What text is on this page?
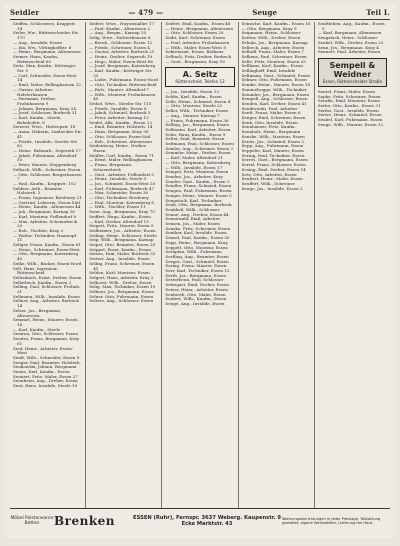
Seidler	— 479 —	Seuge	Teil I.
Seiffen, Schlosserei, Kruppstr. 14
Seiler, Ww., Rüttenscheider Str. 170
— Aug., Invalide, Essen
— Ida, Ww., Vittinghoffstr. 8
— Heinr., Bergmann, Altenessen
Seimer, Hans, Kaufm., Rüttenscheid 60
Seitz, Max, Kaufm., Kettwiger Str. 5
— Carl, Schneider, Essen-West 14
— Emil, Maler, Rellinghausen 12
— Gustav, Arbeiter, Holsterhausen
— Hermann, Dreher, Frohnhausen 9
— Johann, Bergmann, Kray 24
— Josef, Schlosser, Borbeck 31
— Karl, Kaufm., Steele, Bahnhofstr. 6
Seiwert, Wwe., Huttropstr. 18
— Anna, Näherin, Limbecker Str. 41
— Friedr., Invalide, Steeler Str. 82
— Heinr., Bahnarb., Segeroth 17
— Jakob, Fuhrmann, Altendorf 55
— Peter, Maurer, Stoppenberg
Selbach, Wilh., Schreiner, Essen
— Otto, Schlosser, Bergerhausen 7
— Paul, Kaufm., Kruppstr. 102
Selders, Arth., Beamter, Holsterh. 3
— Franz, Ingenieur, Bredeney 21
— Gertrud, Lehrerin, Essen-Süd
— Heinr., Kaufm., Altenessen 44
— Joh., Bergmann, Karnap 16
— Karl, Monteur, Frillendorf 8
— Max, Arbeiter, Schonnebeck 29
— Rob., Tischler, Kray 3
— Walter, Techniker, Haarzopf 11
Seliger, Franz, Kaufm., Essen 61
— Heinr., Schreiner, Essen-West
— Otto, Bergmann, Katernberg 40
Selke, Wilh., Bäcker, Essen-Nord
Sell, Hans, Ingenieur, Rüttenscheid
Sellenbach, Ernst, Dreher, Essen
Sellerbeck, Kaufm., Essen 2
Selling, Paul, Schlosser, Frohnh. 31
Sellmann, Wilh., Invalide, Essen
Sellner, Aug., Arbeiter, Borbeck 14
Selzer, Jos., Bergmann, Altenessen
Semmel, Heinr., Maurer, Essen 18
— Karl, Kaufm., Steele
Semrau, Otto, Schlosser, Essen
Sendes, Franz, Bergmann, Kray 61
Senf, Heinr., Arbeiter, Essen-West
Senft, Wilh., Schneider, Essen 9
Senger, Paul, Beamter, Holsterh.
Senkowski, Johann, Bergmann
Senne, Karl, Kaufm., Essen
Sennert, Fritz, Maler, Essen 27
Sennhenn, Aug., Dreher, Essen
Sent, Hans, Invalide, Steele 10
Seifert, Wwe., Huyssenallee 17
— Paul, Kaufm., Altenessen 2
— Aug., Bergm., Karnap 35
Selig, Wwe., Holsterhausen 8
— Bernh., Schlosser, Essen 12
— Friedr., Schreiner, Essen 4
— Gustav, Arbeiter, Borbeck 21
— Heinr., Dreher, Segeroth 19
— Hugo, Maler, Essen-West 66
— Josef, Bergmann, Katernberg
— Karl, Kaufm., Kettwiger Str. 33
— Ludw., Fuhrmann, Essen-Nord
— Otto, Techniker, Rüttenscheid
— Rich., Maurer, Altendorf 7
— Wilh., Monteur, Frohnhausen 40
Seibel, Wwe., Steeler Str. 115
— Friedr., Invalide, Essen 8
— Jakob, Schmied, Borbeck 5
— Peter, Arbeiter, Karnap 12
Seidel, Alfr., Kaufm., Essen 22
— Emil, Beamter, Holsterh. 14
— Hans, Bergmann, Kray 38
— Otto, Schlosser, Essen-Süd
— Rob., Schreiner, Altenessen
Seidenberg, Heinr., Dreher, Essen
Seidler, Carl, Kaufm., Essen 71
— Ernst, Maler, Rellinghausen
— Franz, Bergmann, Schonnebeck
— Gust., Arbeiter, Frillendorf 3
— Heinr., Invalide, Steele 9
— Jos., Schmied, Essen-West 20
— Karl, Fuhrmann, Borbeck 47
— Max, Schneider, Essen 30
— Otto, Techniker, Bredeney
— Paul, Monteur, Katernberg 6
— Wilh., Tischler, Essen 11
Seier, Aug., Bergmann, Kray 70
Seiffert, Hugo, Kaufm., Essen
— Karl, Dreher, Altendorf 15
Seigert, Fritz, Maurer, Essen 5
Seilheimer, Jos., Arbeiter, Essen
Seiling, Heinr., Schlosser, Steele
Seip, Wilh., Bergmann, Karnap
Seipel, Otto, Beamter, Essen 28
Seippel, Ernst, Kaufm., Essen
Seisen, Paul, Maler, Borbeck 33
Seitzer, Aug., Invalide, Essen
Selbig, Franz, Schreiner, Essen 41
Selden, Karl, Monteur, Essen
Selgert, Hans, Arbeiter, Kray 2
Selhorst, Wilh., Dreher, Essen
Selig, Max, Techniker, Essen 19
Sellmer, Jos., Bergmann, Essen
Selner, Otto, Fuhrmann, Essen
Selters, Aug., Schlosser, Essen
Seifert, Emil, Kaufm., Essen 48
— Heinr., Bergmann, Altenessen
— Otto, Schlosser, Essen 20
Seibt, Karl, Schreiner, Essen
— Paul, Arbeiter, Frohnhausen
— Wilh., Maler, Essen-West 8
Sekretariat, Essen, Rathaus
Selbach, Fritz, Dreher, Borbeck
— Gust., Bergmann, Kray 16
A. Seitz
Rüttenscheid, Telefon 12
— Jos., Invalide, Essen 13
Seldis, Karl, Kaufm., Essen
Selle, Heinr., Schmied, Essen 4
— Otto, Monteur, Steele 22
Seller, Wilh., Techniker, Essen
— Aug., Maurer, Karnap 7
— Franz, Fuhrmann, Essen 36
Selling, Jos., Bergmann, Essen
Sellmann, Karl, Arbeiter, Essen
Selm, Hans, Kaufm., Essen 9
Selter, Emil, Beamter, Essen
Seltmann, Paul, Schlosser, Essen
Semler, Aug., Schreiner, Essen 2
Semmler, Heinr., Dreher, Essen
— Karl, Maler, Altendorf 21
— Otto, Bergmann, Katernberg
— Wilh., Invalide, Essen 17
Sempel, Fritz, Monteur, Essen
Senden, Jos., Arbeiter, Kray
Sender, Gust., Kaufm., Essen 3
Sendler, Franz, Schmied, Essen
Sengen, Paul, Fuhrmann, Essen
Senger, Heinr., Maurer, Essen 5
Sengstock, Karl, Techniker
Senk, Otto, Bergmann, Borbeck
Senkbeil, Wilh., Schlosser
Senne, Aug., Dreher, Essen 44
Sennewald, Emil, Arbeiter
Sensen, Jos., Maler, Essen
Senske, Fritz, Schreiner, Essen
Sentker, Karl, Invalide, Essen
Senzel, Paul, Kaufm., Essen 30
Sepp, Heinr., Bergmann, Kray
Seppelt, Otto, Monteur, Essen
Seraphin, Wilh., Fuhrmann
Serfling, Aug., Beamter, Essen
Serges, Gust., Schmied, Essen
Sering, Franz, Maurer, Essen
Serr, Karl, Techniker, Essen 12
Serth, Jos., Bergmann, Essen
Sesterhenn, Paul, Schlosser
Settegast, Emil, Dreher, Essen
Setzer, Heinr., Arbeiter, Essen
Seuberth, Otto, Maler, Essen
Seufert, Wilh., Kaufm., Essen
Seuge, Aug., Invalide, Essen
Seinsche, Karl, Kaufm., Essen 16
— Otto, Bergmann, Kray 9
Seipmann, Heinr., Schlosser
Seitter, Wilh., Dreher, Essen
Sekula, Jos., Bergmann, Karnap
Selbeck, Aug., Arbeiter, Essen
Selhoff, Franz, Maler, Essen 7
Selkens, Paul, Schreiner, Essen
Selle, Fritz, Monteur, Essen 25
Sellhaus, Karl, Kaufm., Essen
Sellinghoff, Emil, Invalide
Sellmann, Gust., Schmied, Essen
Selmer, Otto, Fuhrmann, Essen
Semke, Heinr., Maurer, Essen 18
Semmelrogge, Wilh., Techniker
Semmler, Jos., Bergmann, Essen
Sempell, Aug., Schlosser, Essen
Senden, Karl, Dreher, Essen 41
Sendrowski, Paul, Arbeiter
Senft, Franz, Maler, Essen 6
Senger, Emil, Schreiner, Essen
Senk, Otto, Invalide, Essen
Sennhauser, Fritz, Kaufm.
Sennholz, Heinr., Bergmann
Senske, Wilh., Monteur, Essen
Sentis, Jos., Schmied, Essen 2
Sepp, Aug., Fuhrmann, Essen
Seppeler, Karl, Maurer, Essen
Sering, Paul, Techniker, Essen
Serres, Gust., Bergmann, Essen
Sertel, Franz, Schlosser, Essen
Sesing, Emil, Dreher, Essen 14
Setz, Otto, Arbeiter, Essen
Seubert, Heinr., Maler, Essen
Seuffert, Wilh., Schreiner
Seuge, Jos., Invalide, Essen 3
Senftleben, Aug., Kaufm., Essen 9
— Karl, Bergmann, Altenessen
Sengstack, Heinr., Schlosser
Senkel, Wilh., Dreher, Essen 23
Senn, Jos., Bergmann, Kray 4
Sennert, Paul, Arbeiter, Essen
Sempell & Weidner
Essen, Rüttenscheider Straße
Sentel, Franz, Maler, Essen
Sepke, Fritz, Schreiner, Essen
Serafin, Emil, Monteur, Essen
Serbe, Otto, Kaufm., Essen 31
Serfas, Gust., Invalide, Essen
Serwe, Heinr., Schmied, Essen
Seubel, Karl, Fuhrmann, Essen
Seuge, Wilh., Maurer, Essen 12
Möbel Polsterwaren Betten	Brenken	ESSEN (Ruhr), Fernspr. 3637 Weberg. Kaupenstr. 9 Ecke Marktstr. 43
Wohnungseinrichtungen in jeder Preislage, Teilzahlung gestattet, eigene Werkstätten, Lieferung frei Haus
